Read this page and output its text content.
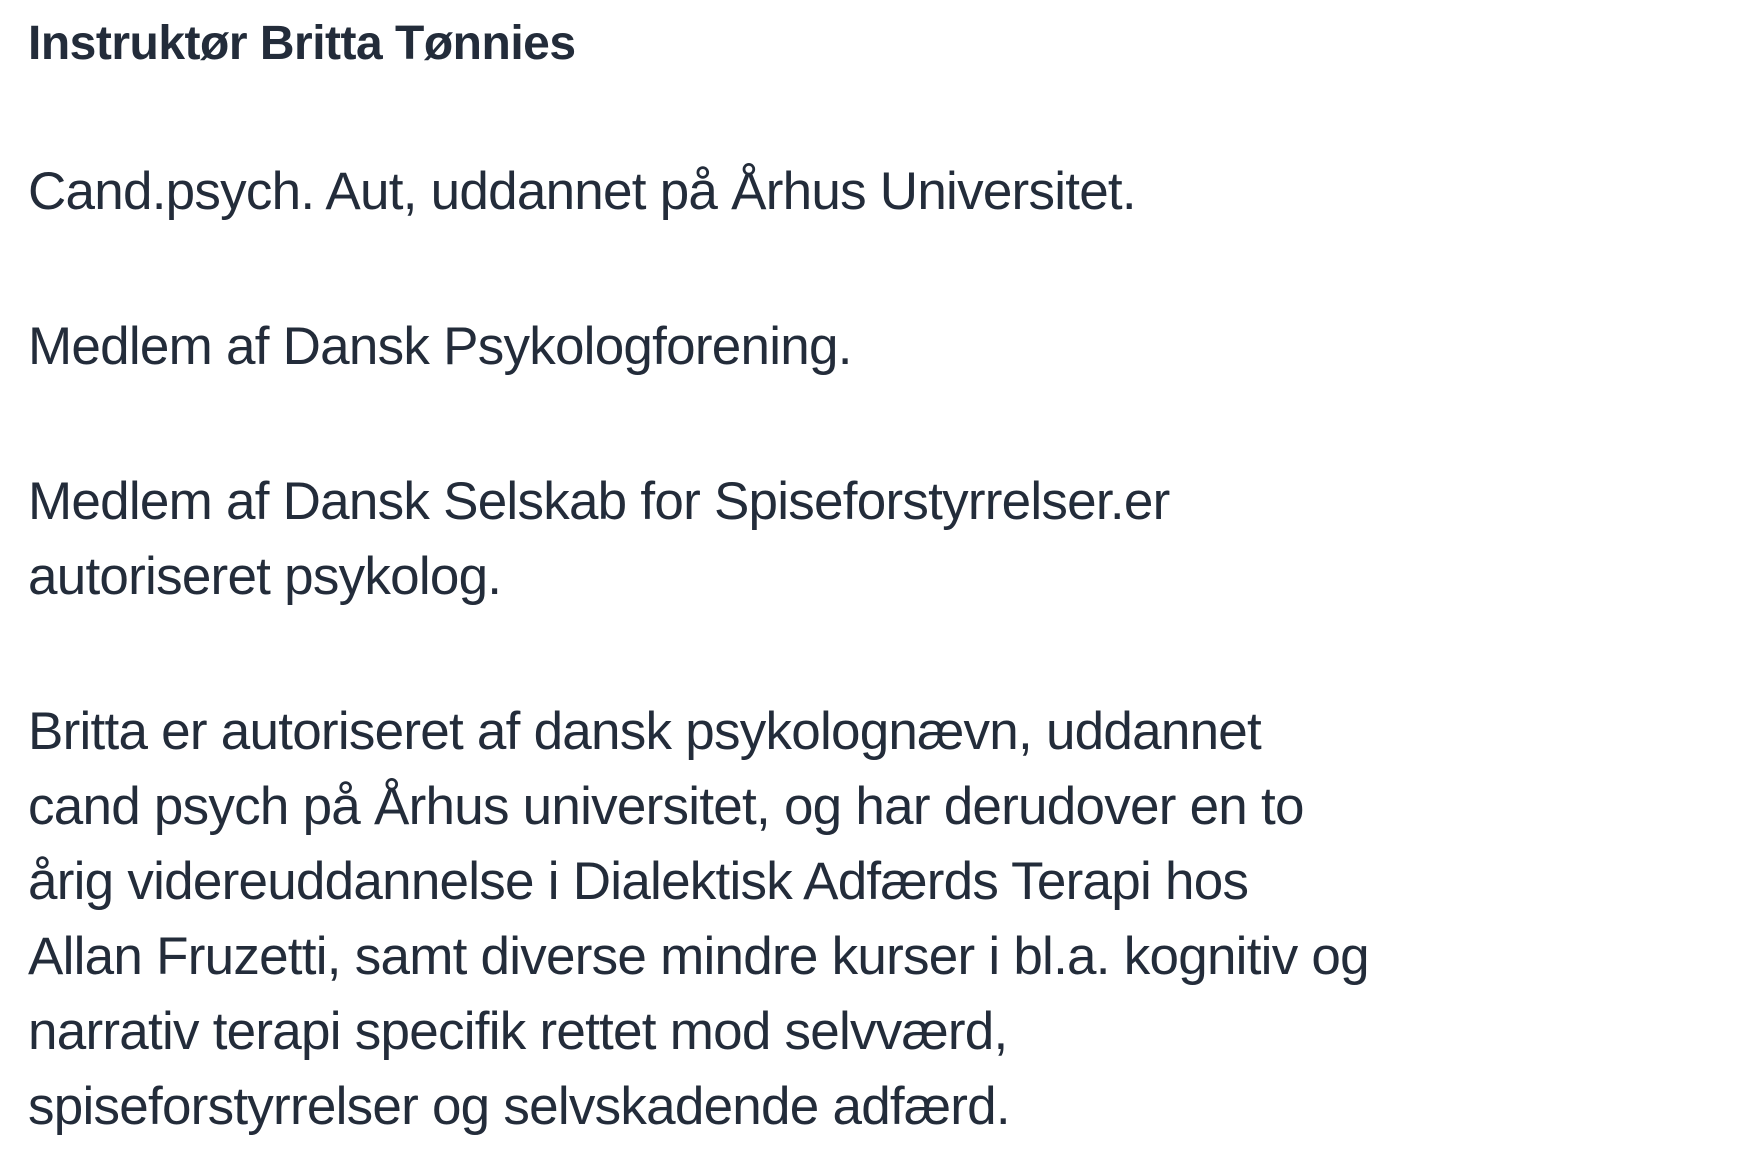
Instruktør Britta Tønnies
Cand.psych. Aut, uddannet på Århus Universitet.
Medlem af Dansk Psykologforening.
Medlem af Dansk Selskab for Spiseforstyrrelser.er
autoriseret psykolog.
Britta er autoriseret af dansk psykolognævn, uddannet
cand psych på Århus universitet, og har derudover en to
årig videreuddannelse i Dialektisk Adfærds Terapi hos
Allan Fruzetti, samt diverse mindre kurser i bl.a. kognitiv og
narrativ terapi specifik rettet mod selvværd,
spiseforstyrrelser og selvskadende adfærd.
